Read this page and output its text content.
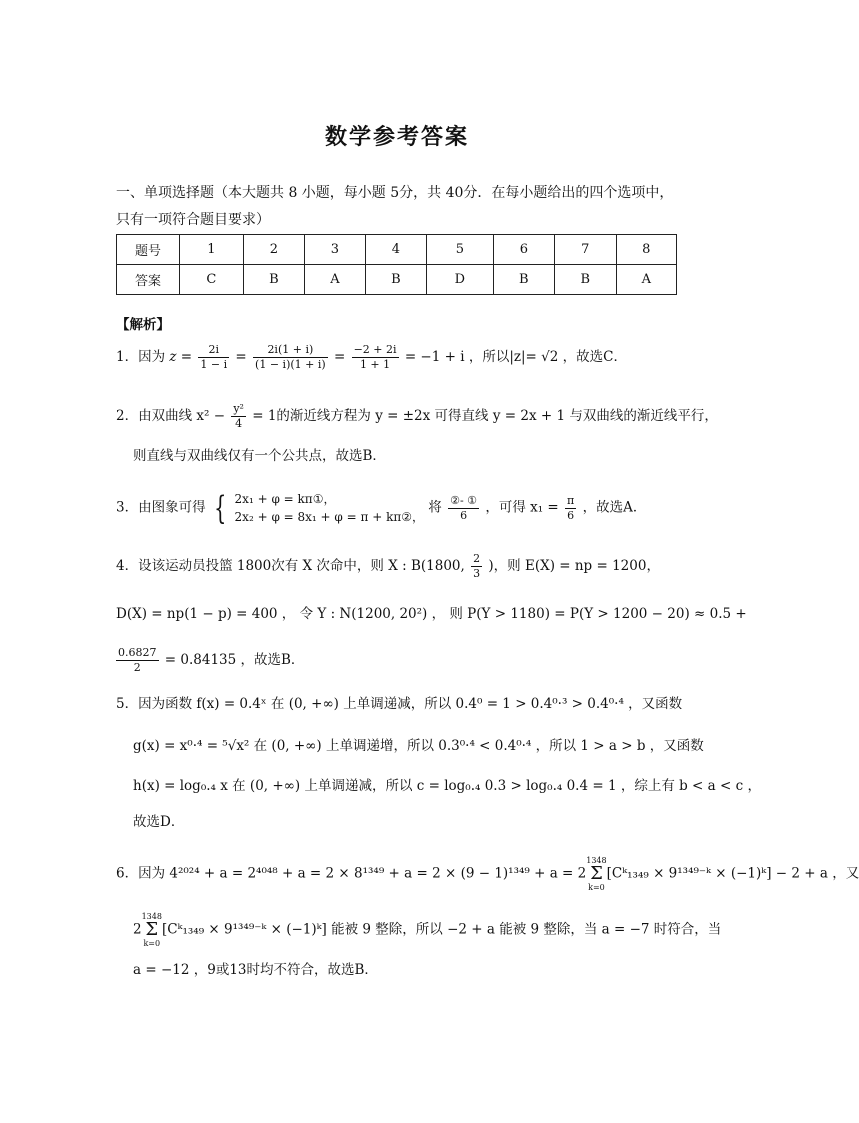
数学参考答案
一、单项选择题（本大题共 8 小题，每小题 5分，共 40分．在每小题给出的四个选项中，只有一项符合题目要求）
题号	1	2	3	4	5	6	7	8
答案	C	B	A	B	D	B	B	A
【解析】
1．因为 $z = \frac{2i}{1 - i} = \frac{2i(1 + i)}{(1 - i)(1 + i)} = \frac{-2 + 2i}{1 + 1} = -1 + i$ ，所以|z|= √2 ，故选C．
2．由双曲线 $x^2 - \frac{\text{y²}}{4} = 1$的渐近线方程为 y = ±2x 可得直线 y = 2x + 1 与双曲线的渐近线平行，
则直线与双曲线仅有一个公共点，故选B．
3．由图象可得 { 2x₁ + φ = kπ①，
2x₂ + φ = 8x₁ + φ = π + kπ②，
将 $\frac{\text{②- ①}}{6}$ ，可得 $x_1 = \frac{\pi}{6}$ ，故选A．
4．设该运动员投篮 1800次有 X 次命中，则 X : B(1800, $\frac{2}{3}$ )，则 E(X) = np = 1200，
D(X) = np(1 − p) = 400 ， 令 Y : N(1200, 20²) ， 则 P(Y > 1180) = P(Y > 1200 − 20) ≈ 0.5 +
$\frac{0.6827}{2} = 0.84135$ ，故选B．
5．因为函数 f(x) = 0.4ˣ 在 (0, +∞) 上单调递减，所以 0.4⁰ = 1 > 0.4⁰·³ > 0.4⁰·⁴ ，又函数
g(x) = x⁰·⁴ = ⁵√x² 在 (0, +∞) 上单调递增，所以 0.3⁰·⁴ < 0.4⁰·⁴ ，所以 1 > a > b ，又函数
h(x) = log₀.₄ x 在 (0, +∞) 上单调递减，所以 c = log₀.₄ 0.3 > log₀.₄ 0.4 = 1 ，综上有 b < a < c ，
故选D．
6．因为 4²⁰²⁴ + a = 2⁴⁰⁴⁸ + a = 2 × 8¹³⁴⁹ + a = 2 × (9 − 1)¹³⁴⁹ + a = 21348
Σ
k=0[Cᵏ₁₃₄₉ × 9¹³⁴⁹⁻ᵏ × (−1)ᵏ] − 2 + a ，又
21348
Σ
k=0[Cᵏ₁₃₄₉ × 9¹³⁴⁹⁻ᵏ × (−1)ᵏ] 能被 9 整除，所以 −2 + a 能被 9 整除，当 a = −7 时符合，当
a = −12 ，9或13时均不符合，故选B．
